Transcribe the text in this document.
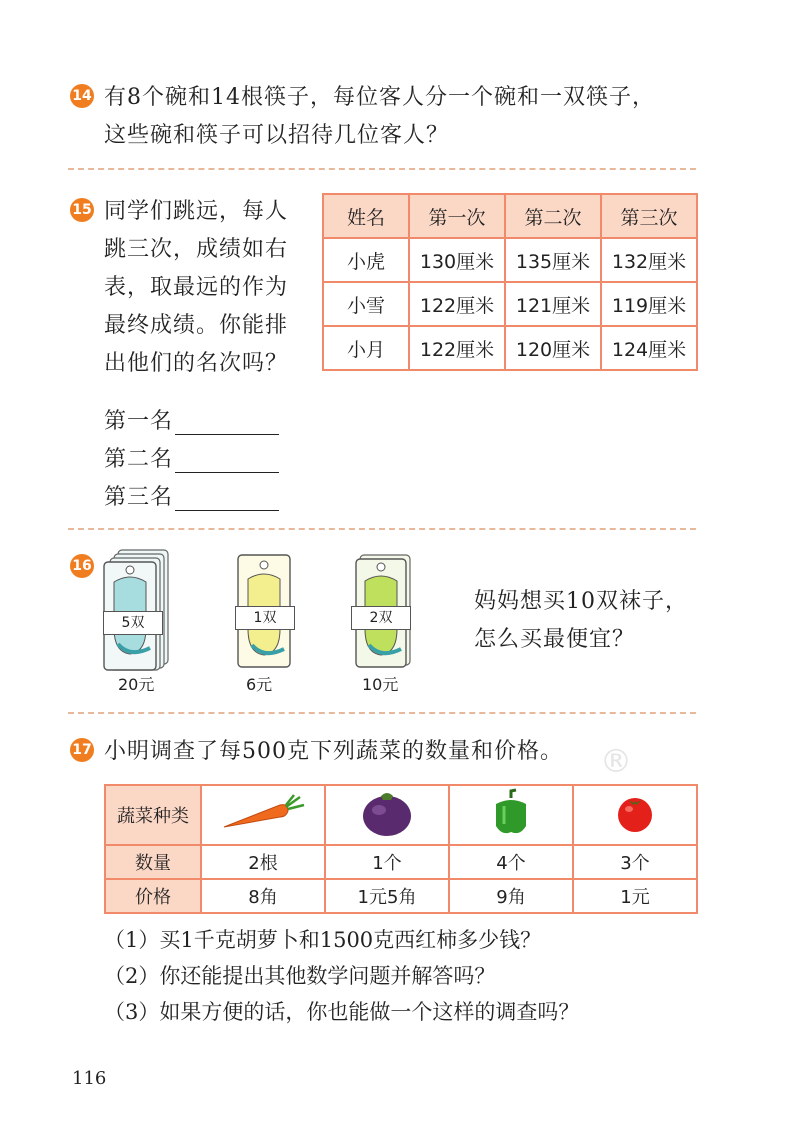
14 有8个碗和14根筷子，每位客人分一个碗和一双筷子，
这些碗和筷子可以招待几位客人？
15 同学们跳远，每人
跳三次，成绩如右
表，取最远的作为
最终成绩。你能排
出他们的名次吗？
姓名	第一次	第二次	第三次
小虎	130厘米	135厘米	132厘米
小雪	122厘米	121厘米	119厘米
小月	122厘米	120厘米	124厘米
第一名
第二名
第三名
16
5双
20元
1双
6元
2双
10元
妈妈想买10双袜子，
怎么买最便宜？
17 小明调查了每500克下列蔬菜的数量和价格。 ®
蔬菜种类				
数量	2根	1个	4个	3个
价格	8角	1元5角	9角	1元
（1）买1千克胡萝卜和1500克西红柿多少钱？
（2）你还能提出其他数学问题并解答吗？
（3）如果方便的话，你也能做一个这样的调查吗？
116
